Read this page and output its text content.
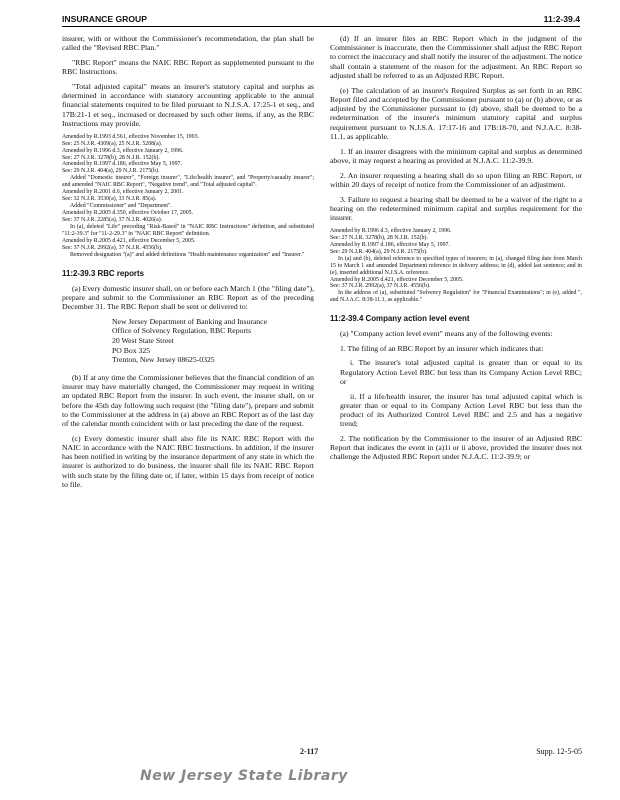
INSURANCE GROUP	11:2-39.4

insurer, with or without the Commissioner's recommendation, the plan shall be called the "Revised RBC Plan."

"RBC Report" means the NAIC RBC Report as supplemented pursuant to the RBC Instructions.

"Total adjusted capital" means an insurer's statutory capital and surplus as determined in accordance with statutory accounting applicable to the annual financial statements required to be filed pursuant to N.J.S.A. 17:25-1 et seq., and 17B:21-1 et seq., increased or decreased by such other items, if any, as the RBC Instructions may provide.

Amended by R.1993 d.561, effective November 15, 1993.
See: 25 N.J.R. 4309(a), 25 N.J.R. 5208(a).
Amended by R.1996 d.3, effective January 2, 1996.
See: 27 N.J.R. 3278(b), 28 N.J.R. 152(b).
Amended by R.1997 d.186, effective May 5, 1997.
See: 29 N.J.R. 404(a), 29 N.J.R. 2175(b).
Added "Domestic insurer", "Foreign insurer", "Life/health insurer", and "Property/casualty insurer"; and amended "NAIC RBC Report", "Negative trend", and "Total adjusted capital".
Amended by R.2001 d.6, effective January 2, 2001.
See: 32 N.J.R. 3530(a), 33 N.J.R. 85(a).
Added "Commissioner" and "Department".
Amended by R.2005 d.350, effective October 17, 2005.
See: 37 N.J.R. 2285(a), 37 N.J.R. 4026(a).
In (a), deleted "Life" preceding "Risk-Based" in "NAIC RBC Instructions" definition, and substituted "11:2-39.3" for "11-2-29.3" in "NAIC RBC Report" definition.
Amended by R.2005 d.421, effective December 5, 2005.
See: 37 N.J.R. 2992(a), 37 N.J.R. 4556(b).
Removed designation "(a)" and added definitions "Health maintenance organization" and "Insurer."
11:2-39.3 RBC reports

(a) Every domestic insurer shall, on or before each March 1 (the "filing date"), prepare and submit to the Commissioner an RBC Report as of the preceding December 31. The RBC Report shall be sent or delivered to:

New Jersey Department of Banking and Insurance
Office of Solvency Regulation, RBC Reports
20 West State Street
PO Box 325
Trenton, New Jersey 08625-0325

(b) If at any time the Commissioner believes that the financial condition of an insurer may have materially changed, the Commissioner may request in writing an updated RBC Report from the insurer. In such event, the insurer shall, on or before the 45th day following such request (the "filing date"), prepare and submit to the Commissioner at the address in (a) above an RBC Report as of the last day of the calendar month coincident with or last preceding the date of the request.

(c) Every domestic insurer shall also file its NAIC RBC Report with the NAIC in accordance with the NAIC RBC Instructions. In addition, if the insurer has been notified in writing by the insurance department of any state in which the insurer is authorized to do business, the insurer shall file its NAIC RBC Report with such state by the filing date or, if later, within 15 days from receipt of notice to file.

(d) If an insurer files an RBC Report which in the judgment of the Commissioner is inaccurate, then the Commissioner shall adjust the RBC Report to correct the inaccuracy and shall notify the insurer of the adjustment. The notice shall contain a statement of the reason for the adjustment. An RBC Report so adjusted shall be referred to as an Adjusted RBC Report.

(e) The calculation of an insurer's Required Surplus as set forth in an RBC Report filed and accepted by the Commissioner pursuant to (a) or (b) above, or as adjusted by the Commissioner pursuant to (d) above, shall be deemed to be a redetermination of the insurer's minimum statutory capital and surplus requirement pursuant to N.J.S.A. 17:17-16 and 17B:18-70, and N.J.A.C. 8:38-11.1, as applicable.

1. If an insurer disagrees with the minimum capital and surplus as determined above, it may request a hearing as provided at N.J.A.C. 11:2-39.9.

2. An insurer requesting a hearing shall do so upon filing an RBC Report, or within 20 days of receipt of notice from the Commissioner of an adjustment.

3. Failure to request a hearing shall be deemed to be a waiver of the right to a hearing on the redetermined minimum capital and surplus requirement for the insurer.

Amended by R.1996 d.3, effective January 2, 1996.
See: 27 N.J.R. 3278(b), 28 N.J.R. 152(b).
Amended by R.1997 d.186, effective May 5, 1997.
See: 29 N.J.R. 404(a), 29 N.J.R. 2175(b).
In (a) and (b), deleted reference to specified types of insurers; in (a), changed filing date from March 15 to March 1 and amended Department reference in delivery address; in (d), added last sentence; and in (e), inserted additional N.J.S.A. reference.
Amended by R.2005 d.421, effective December 5, 2005.
See: 37 N.J.R. 2992(a), 37 N.J.R. 4556(b).
In the address of (a), substituted "Solvency Regulation" for "Financial Examinations"; in (e), added ", and N.J.A.C. 8:38-11.1, as applicable."
11:2-39.4 Company action level event

(a) "Company action level event" means any of the following events:

1. The filing of an RBC Report by an insurer which indicates that:

i. The insurer's total adjusted capital is greater than or equal to its Regulatory Action Level RBC but less than its Company Action Level RBC; or

ii. If a life/health insurer, the insurer has total adjusted capital which is greater than or equal to its Company Action Level RBC but less than the product of its Authorized Control Level RBC and 2.5 and has a negative trend;

2. The notification by the Commissioner to the insurer of an Adjusted RBC Report that indicates the event in (a)1i or ii above, provided the insurer does not challenge the Adjusted RBC Report under N.J.A.C. 11:2-39.9; or

2-117	Supp. 12-5-05
New Jersey State Library
